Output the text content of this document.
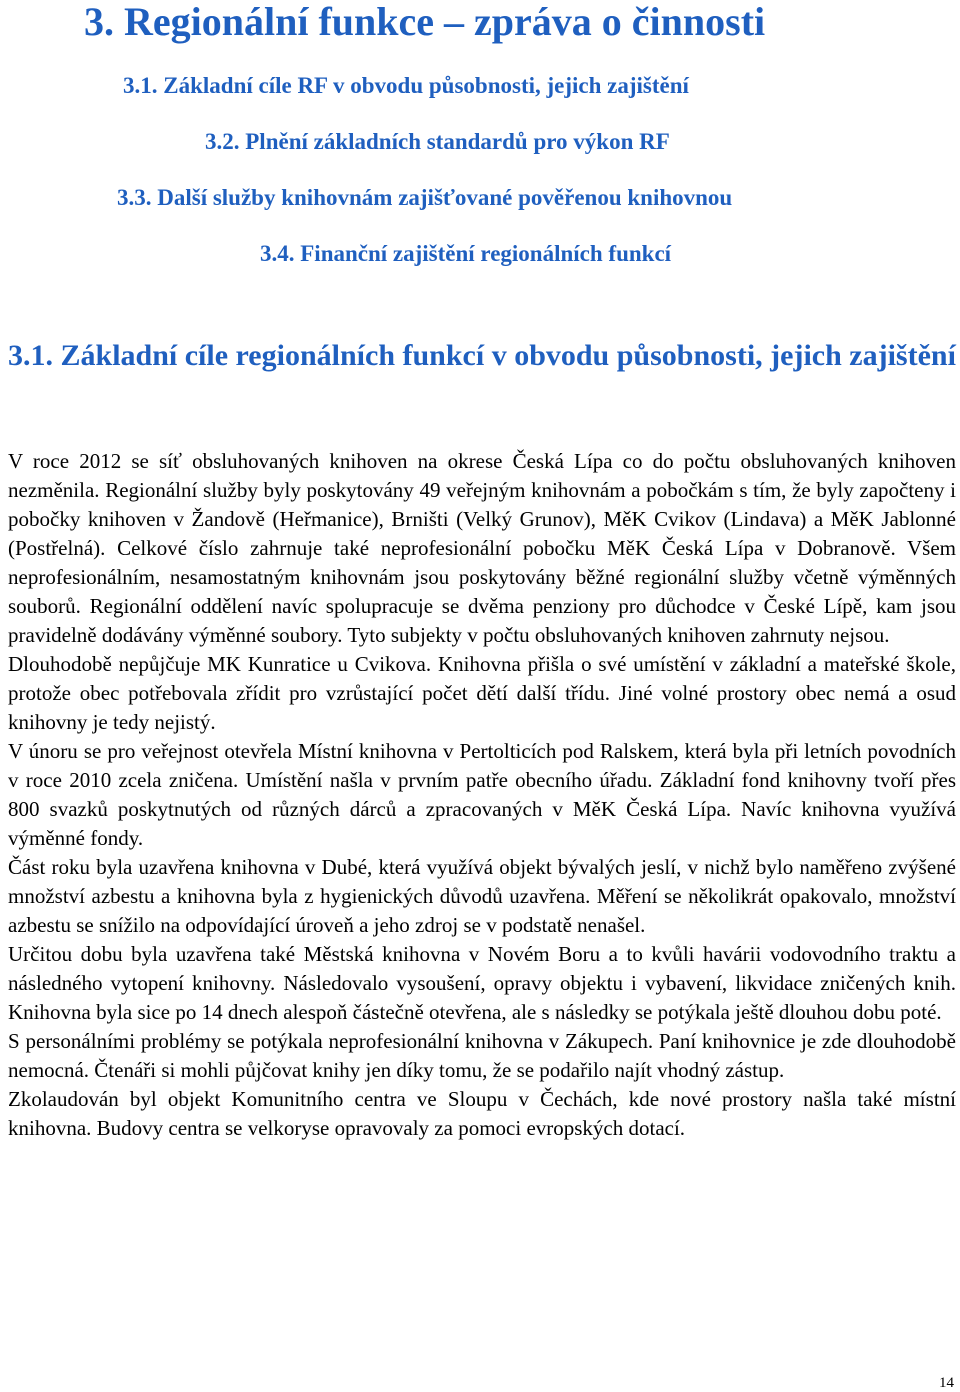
3. Regionální funkce – zpráva o činnosti
3.1. Základní cíle RF v obvodu působnosti, jejich zajištění
3.2. Plnění základních standardů pro výkon RF
3.3. Další služby knihovnám zajišťované pověřenou knihovnou
3.4. Finanční zajištění regionálních funkcí
3.1. Základní cíle regionálních funkcí v obvodu působnosti, jejich zajištění

V roce 2012 se síť obsluhovaných knihoven na okrese Česká Lípa co do počtu obsluhovaných knihoven nezměnila. Regionální služby byly poskytovány 49 veřejným knihovnám a pobočkám s tím, že byly započteny i pobočky knihoven v Žandově (Heřmanice), Brništi (Velký Grunov), MěK Cvikov (Lindava) a MěK Jablonné (Postřelná). Celkové číslo zahrnuje také neprofesionální pobočku MěK Česká Lípa v Dobranově. Všem neprofesionálním, nesamostatným knihovnám jsou poskytovány běžné regionální služby včetně výměnných souborů. Regionální oddělení navíc spolupracuje se dvěma penziony pro důchodce v České Lípě, kam jsou pravidelně dodávány výměnné soubory. Tyto subjekty v počtu obsluhovaných knihoven zahrnuty nejsou.

Dlouhodobě nepůjčuje MK Kunratice u Cvikova. Knihovna přišla o své umístění v základní a mateřské škole, protože obec potřebovala zřídit pro vzrůstající počet dětí další třídu. Jiné volné prostory obec nemá a osud knihovny je tedy nejistý.

V únoru se pro veřejnost otevřela Místní knihovna v Pertolticích pod Ralskem, která byla při letních povodních v roce 2010 zcela zničena. Umístění našla v prvním patře obecního úřadu. Základní fond knihovny tvoří přes 800 svazků poskytnutých od různých dárců a zpracovaných v MěK Česká Lípa. Navíc knihovna využívá výměnné fondy.

Část roku byla uzavřena knihovna v Dubé, která využívá objekt bývalých jeslí, v nichž bylo naměřeno zvýšené množství azbestu a knihovna byla z hygienických důvodů uzavřena. Měření se několikrát opakovalo, množství azbestu se snížilo na odpovídající úroveň a jeho zdroj se v podstatě nenašel.

Určitou dobu byla uzavřena také Městská knihovna v Novém Boru a to kvůli havárii vodovodního traktu a následného vytopení knihovny. Následovalo vysoušení, opravy objektu i vybavení, likvidace zničených knih. Knihovna byla sice po 14 dnech alespoň částečně otevřena, ale s následky se potýkala ještě dlouhou dobu poté.

S personálními problémy se potýkala neprofesionální knihovna v Zákupech. Paní knihovnice je zde dlouhodobě nemocná. Čtenáři si mohli půjčovat knihy jen díky tomu, že se podařilo najít vhodný zástup.

Zkolaudován byl objekt Komunitního centra ve Sloupu v Čechách, kde nové prostory našla také místní knihovna. Budovy centra se velkoryse opravovaly za pomoci evropských dotací.

14
